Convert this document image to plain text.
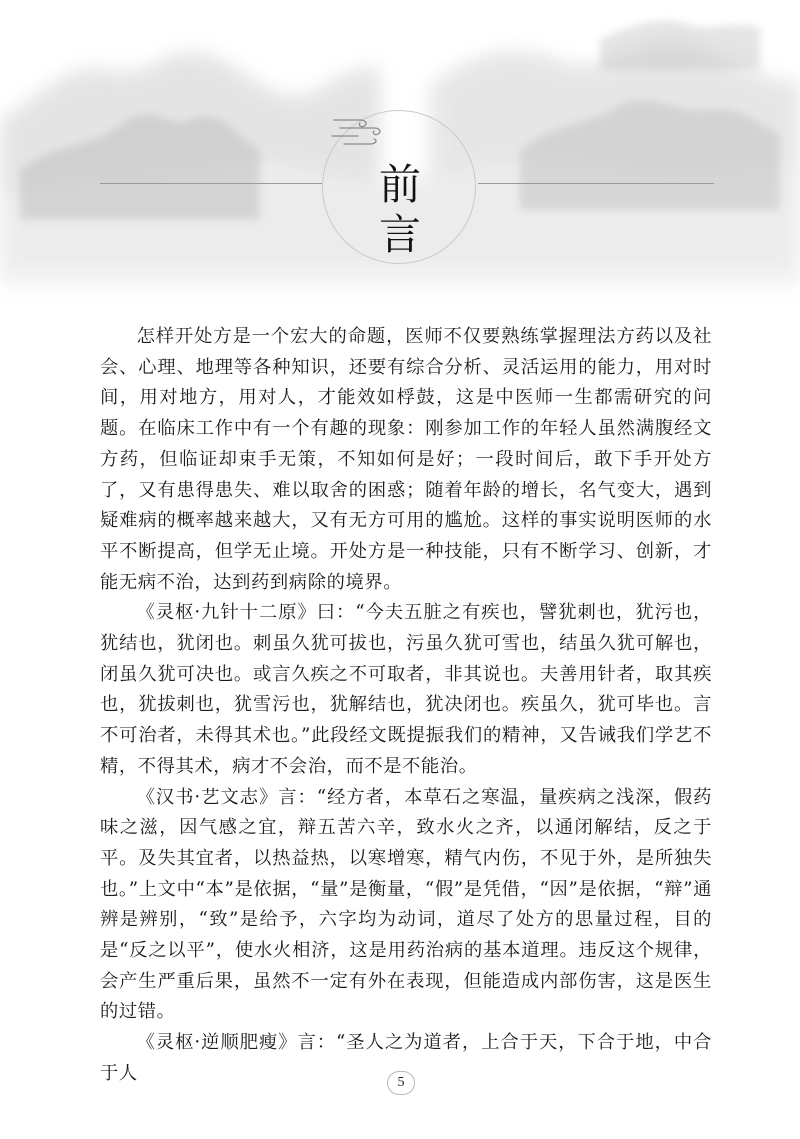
前言

怎样开处方是一个宏大的命题，医师不仅要熟练掌握理法方药以及社会、心理、地理等各种知识，还要有综合分析、灵活运用的能力，用对时间，用对地方，用对人，才能效如桴鼓，这是中医师一生都需研究的问题。在临床工作中有一个有趣的现象：刚参加工作的年轻人虽然满腹经文方药，但临证却束手无策，不知如何是好；一段时间后，敢下手开处方了，又有患得患失、难以取舍的困惑；随着年龄的增长，名气变大，遇到疑难病的概率越来越大，又有无方可用的尴尬。这样的事实说明医师的水平不断提高，但学无止境。开处方是一种技能，只有不断学习、创新，才能无病不治，达到药到病除的境界。

《灵枢·九针十二原》曰：“今夫五脏之有疾也，譬犹刺也，犹污也，犹结也，犹闭也。刺虽久犹可拔也，污虽久犹可雪也，结虽久犹可解也，闭虽久犹可决也。或言久疾之不可取者，非其说也。夫善用针者，取其疾也，犹拔刺也，犹雪污也，犹解结也，犹决闭也。疾虽久，犹可毕也。言不可治者，未得其术也。”此段经文既提振我们的精神，又告诫我们学艺不精，不得其术，病才不会治，而不是不能治。

《汉书·艺文志》言：“经方者，本草石之寒温，量疾病之浅深，假药味之滋，因气感之宜，辩五苦六辛，致水火之齐，以通闭解结，反之于平。及失其宜者，以热益热，以寒增寒，精气内伤，不见于外，是所独失也。”上文中“本”是依据，“量”是衡量，“假”是凭借，“因”是依据，“辩”通辨是辨别，“致”是给予，六字均为动词，道尽了处方的思量过程，目的是“反之以平”，使水火相济，这是用药治病的基本道理。违反这个规律，会产生严重后果，虽然不一定有外在表现，但能造成内部伤害，这是医生的过错。

《灵枢·逆顺肥瘦》言：“圣人之为道者，上合于天，下合于地，中合于人	5
